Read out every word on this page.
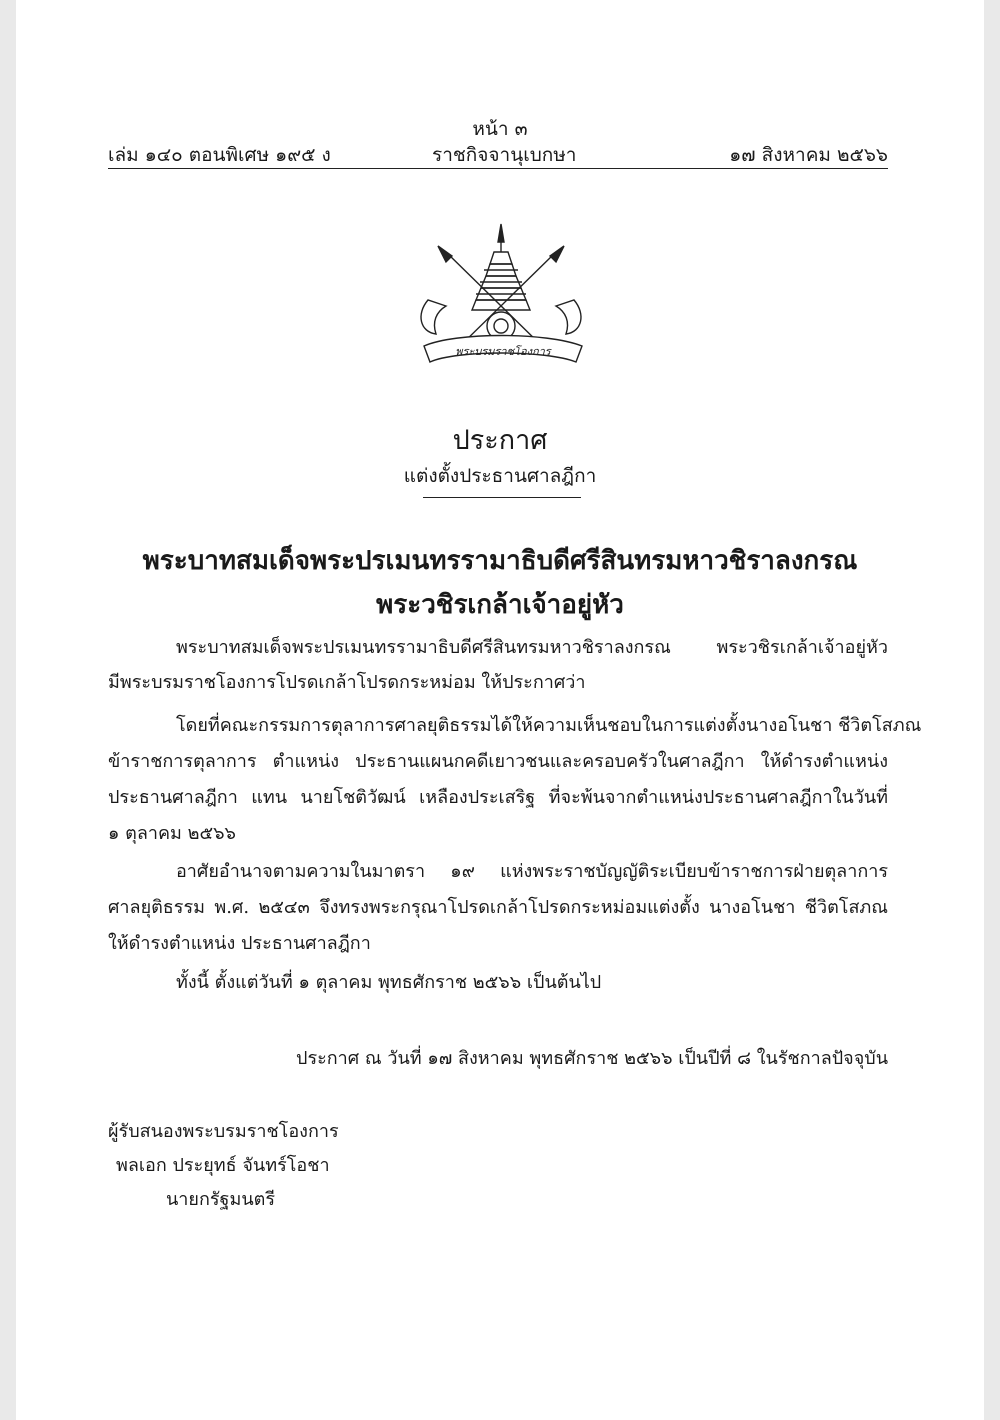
หน้า ๓
เล่ม ๑๔๐ ตอนพิเศษ ๑๙๕ ง	ราชกิจจานุเบกษา	๑๗ สิงหาคม ๒๕๖๖
พระบรมราชโองการ
ประกาศ
แต่งตั้งประธานศาลฎีกา
พระบาทสมเด็จพระปรเมนทรรามาธิบดีศรีสินทรมหาวชิราลงกรณ
พระวชิรเกล้าเจ้าอยู่หัว
พระบาทสมเด็จพระปรเมนทรรามาธิบดีศรีสินทรมหาวชิราลงกรณ พระวชิรเกล้าเจ้าอยู่หัว
มีพระบรมราชโองการโปรดเกล้าโปรดกระหม่อม ให้ประกาศว่า
โดยที่คณะกรรมการตุลาการศาลยุติธรรมได้ให้ความเห็นชอบในการแต่งตั้งนางอโนชา ชีวิตโสภณ
ข้าราชการตุลาการ ตำแหน่ง ประธานแผนกคดีเยาวชนและครอบครัวในศาลฎีกา ให้ดำรงตำแหน่ง
ประธานศาลฎีกา แทน นายโชติวัฒน์ เหลืองประเสริฐ ที่จะพ้นจากตำแหน่งประธานศาลฎีกาในวันที่
๑ ตุลาคม ๒๕๖๖
อาศัยอำนาจตามความในมาตรา ๑๙ แห่งพระราชบัญญัติระเบียบข้าราชการฝ่ายตุลาการ
ศาลยุติธรรม พ.ศ. ๒๕๔๓ จึงทรงพระกรุณาโปรดเกล้าโปรดกระหม่อมแต่งตั้ง นางอโนชา ชีวิตโสภณ
ให้ดำรงตำแหน่ง ประธานศาลฎีกา
ทั้งนี้ ตั้งแต่วันที่ ๑ ตุลาคม พุทธศักราช ๒๕๖๖ เป็นต้นไป
ประกาศ ณ วันที่ ๑๗ สิงหาคม พุทธศักราช ๒๕๖๖ เป็นปีที่ ๘ ในรัชกาลปัจจุบัน
ผู้รับสนองพระบรมราชโองการ
พลเอก ประยุทธ์ จันทร์โอชา
นายกรัฐมนตรี
